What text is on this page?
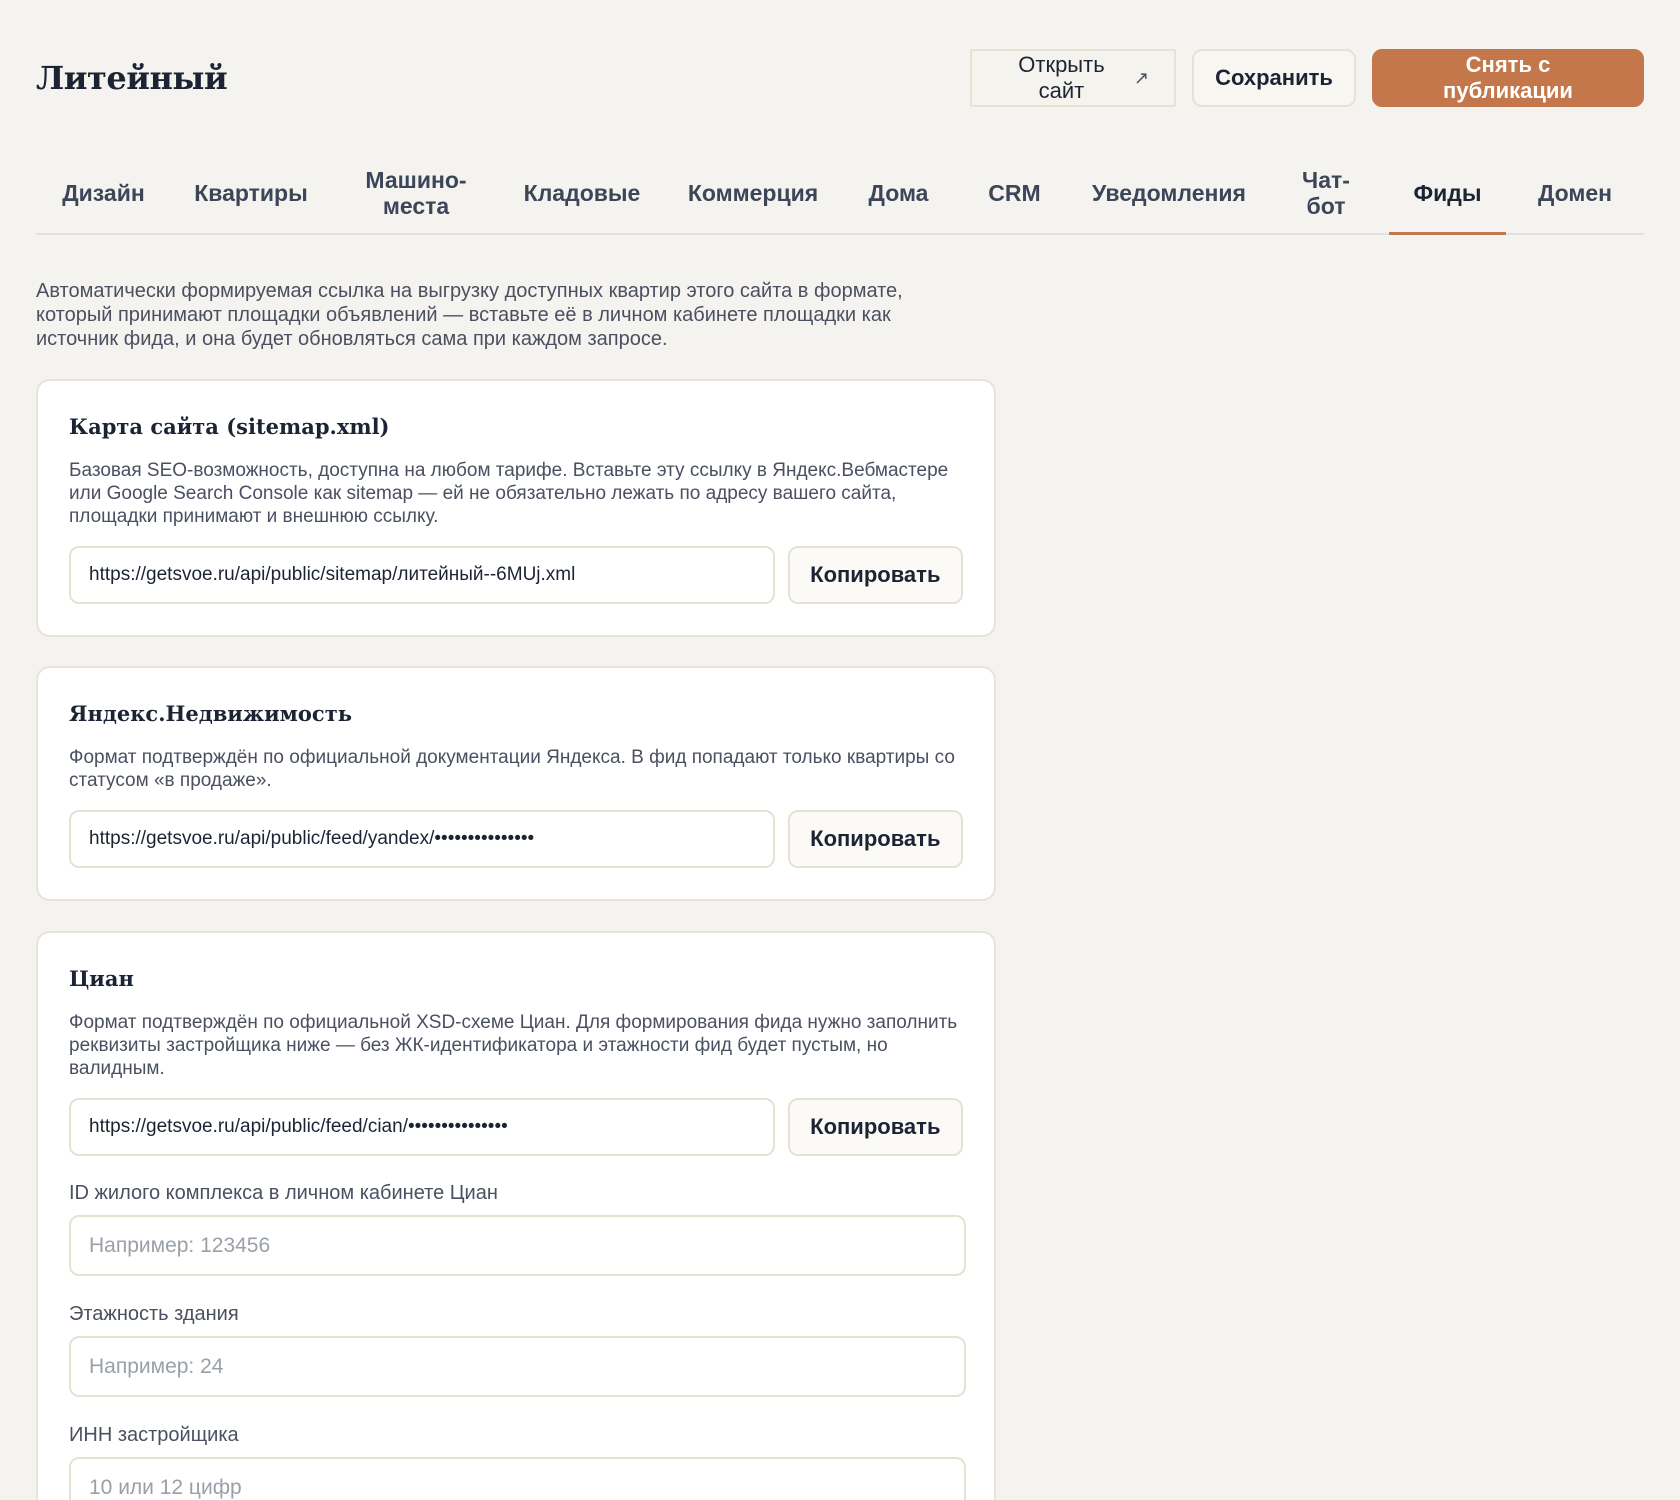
Литейный	Открыть сайт
↗	Сохранить
Снять с публикации
Дизайн	Квартиры	Машино-
места	Кладовые	Коммерция	Дома	CRM	Уведомления	Чат-
бот	Фиды	Домен

Автоматически формируемая ссылка на выгрузку доступных квартир этого сайта в формате, который принимают площадки объявлений — вставьте её в личном кабинете площадки как источник фида, и она будет обновляться сама при каждом запросе.

Карта сайта (sitemap.xml)

Базовая SEO-возможность, доступна на любом тарифе. Вставьте эту ссылку в Яндекс.Вебмастере или Google Search Console как sitemap — ей не обязательно лежать по адресу вашего сайта, площадки принимают и внешнюю ссылку.

https://getsvoe.ru/api/public/sitemap/литейный--6MUj.xml	Копировать
Яндекс.Недвижимость

Формат подтверждён по официальной документации Яндекса. В фид попадают только квартиры со статусом «в продаже».

https://getsvoe.ru/api/public/feed/yandex/•••••••••••••••	Копировать
Циан

Формат подтверждён по официальной XSD-схеме Циан. Для формирования фида нужно заполнить реквизиты застройщика ниже — без ЖК-идентификатора и этажности фид будет пустым, но валидным.

https://getsvoe.ru/api/public/feed/cian/•••••••••••••••	Копировать
ID жилого комплекса в личном кабинете Циан
Например: 123456
Этажность здания
Например: 24
ИНН застройщика
10 или 12 цифр
